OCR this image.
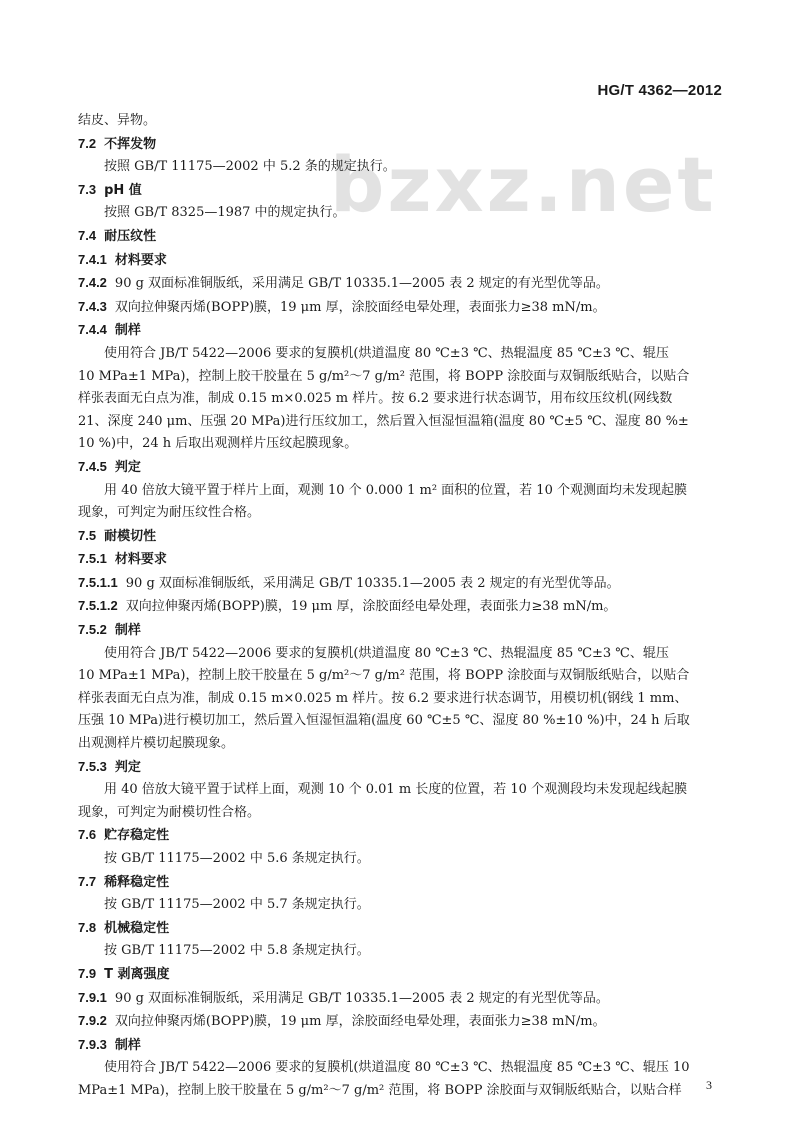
HG/T 4362—2012
bzxz.net
结皮、异物。
7.2 不挥发物
按照 GB/T 11175—2002 中 5.2 条的规定执行。
7.3 pH 值
按照 GB/T 8325—1987 中的规定执行。
7.4 耐压纹性
7.4.1 材料要求
7.4.2 90 g 双面标准铜版纸，采用满足 GB/T 10335.1—2005 表 2 规定的有光型优等品。
7.4.3 双向拉伸聚丙烯(BOPP)膜，19 μm 厚，涂胶面经电晕处理，表面张力≥38 mN/m。
7.4.4 制样
使用符合 JB/T 5422—2006 要求的复膜机(烘道温度 80 ℃±3 ℃、热辊温度 85 ℃±3 ℃、辊压
10 MPa±1 MPa)，控制上胶干胶量在 5 g/m²～7 g/m² 范围，将 BOPP 涂胶面与双铜版纸贴合，以贴合
样张表面无白点为准，制成 0.15 m×0.025 m 样片。按 6.2 要求进行状态调节，用布纹压纹机(网线数
21、深度 240 μm、压强 20 MPa)进行压纹加工，然后置入恒湿恒温箱(温度 80 ℃±5 ℃、湿度 80 %±
10 %)中，24 h 后取出观测样片压纹起膜现象。
7.4.5 判定
用 40 倍放大镜平置于样片上面，观测 10 个 0.000 1 m² 面积的位置，若 10 个观测面均未发现起膜
现象，可判定为耐压纹性合格。
7.5 耐模切性
7.5.1 材料要求
7.5.1.1 90 g 双面标准铜版纸，采用满足 GB/T 10335.1—2005 表 2 规定的有光型优等品。
7.5.1.2 双向拉伸聚丙烯(BOPP)膜，19 μm 厚，涂胶面经电晕处理，表面张力≥38 mN/m。
7.5.2 制样
使用符合 JB/T 5422—2006 要求的复膜机(烘道温度 80 ℃±3 ℃、热辊温度 85 ℃±3 ℃、辊压
10 MPa±1 MPa)，控制上胶干胶量在 5 g/m²～7 g/m² 范围，将 BOPP 涂胶面与双铜版纸贴合，以贴合
样张表面无白点为准，制成 0.15 m×0.025 m 样片。按 6.2 要求进行状态调节，用模切机(钢线 1 mm、
压强 10 MPa)进行模切加工，然后置入恒湿恒温箱(温度 60 ℃±5 ℃、湿度 80 %±10 %)中，24 h 后取
出观测样片模切起膜现象。
7.5.3 判定
用 40 倍放大镜平置于试样上面，观测 10 个 0.01 m 长度的位置，若 10 个观测段均未发现起线起膜
现象，可判定为耐模切性合格。
7.6 贮存稳定性
按 GB/T 11175—2002 中 5.6 条规定执行。
7.7 稀释稳定性
按 GB/T 11175—2002 中 5.7 条规定执行。
7.8 机械稳定性
按 GB/T 11175—2002 中 5.8 条规定执行。
7.9 T 剥离强度
7.9.1 90 g 双面标准铜版纸，采用满足 GB/T 10335.1—2005 表 2 规定的有光型优等品。
7.9.2 双向拉伸聚丙烯(BOPP)膜，19 μm 厚，涂胶面经电晕处理，表面张力≥38 mN/m。
7.9.3 制样
使用符合 JB/T 5422—2006 要求的复膜机(烘道温度 80 ℃±3 ℃、热辊温度 85 ℃±3 ℃、辊压 10
MPa±1 MPa)，控制上胶干胶量在 5 g/m²～7 g/m² 范围，将 BOPP 涂胶面与双铜版纸贴合，以贴合样	3
